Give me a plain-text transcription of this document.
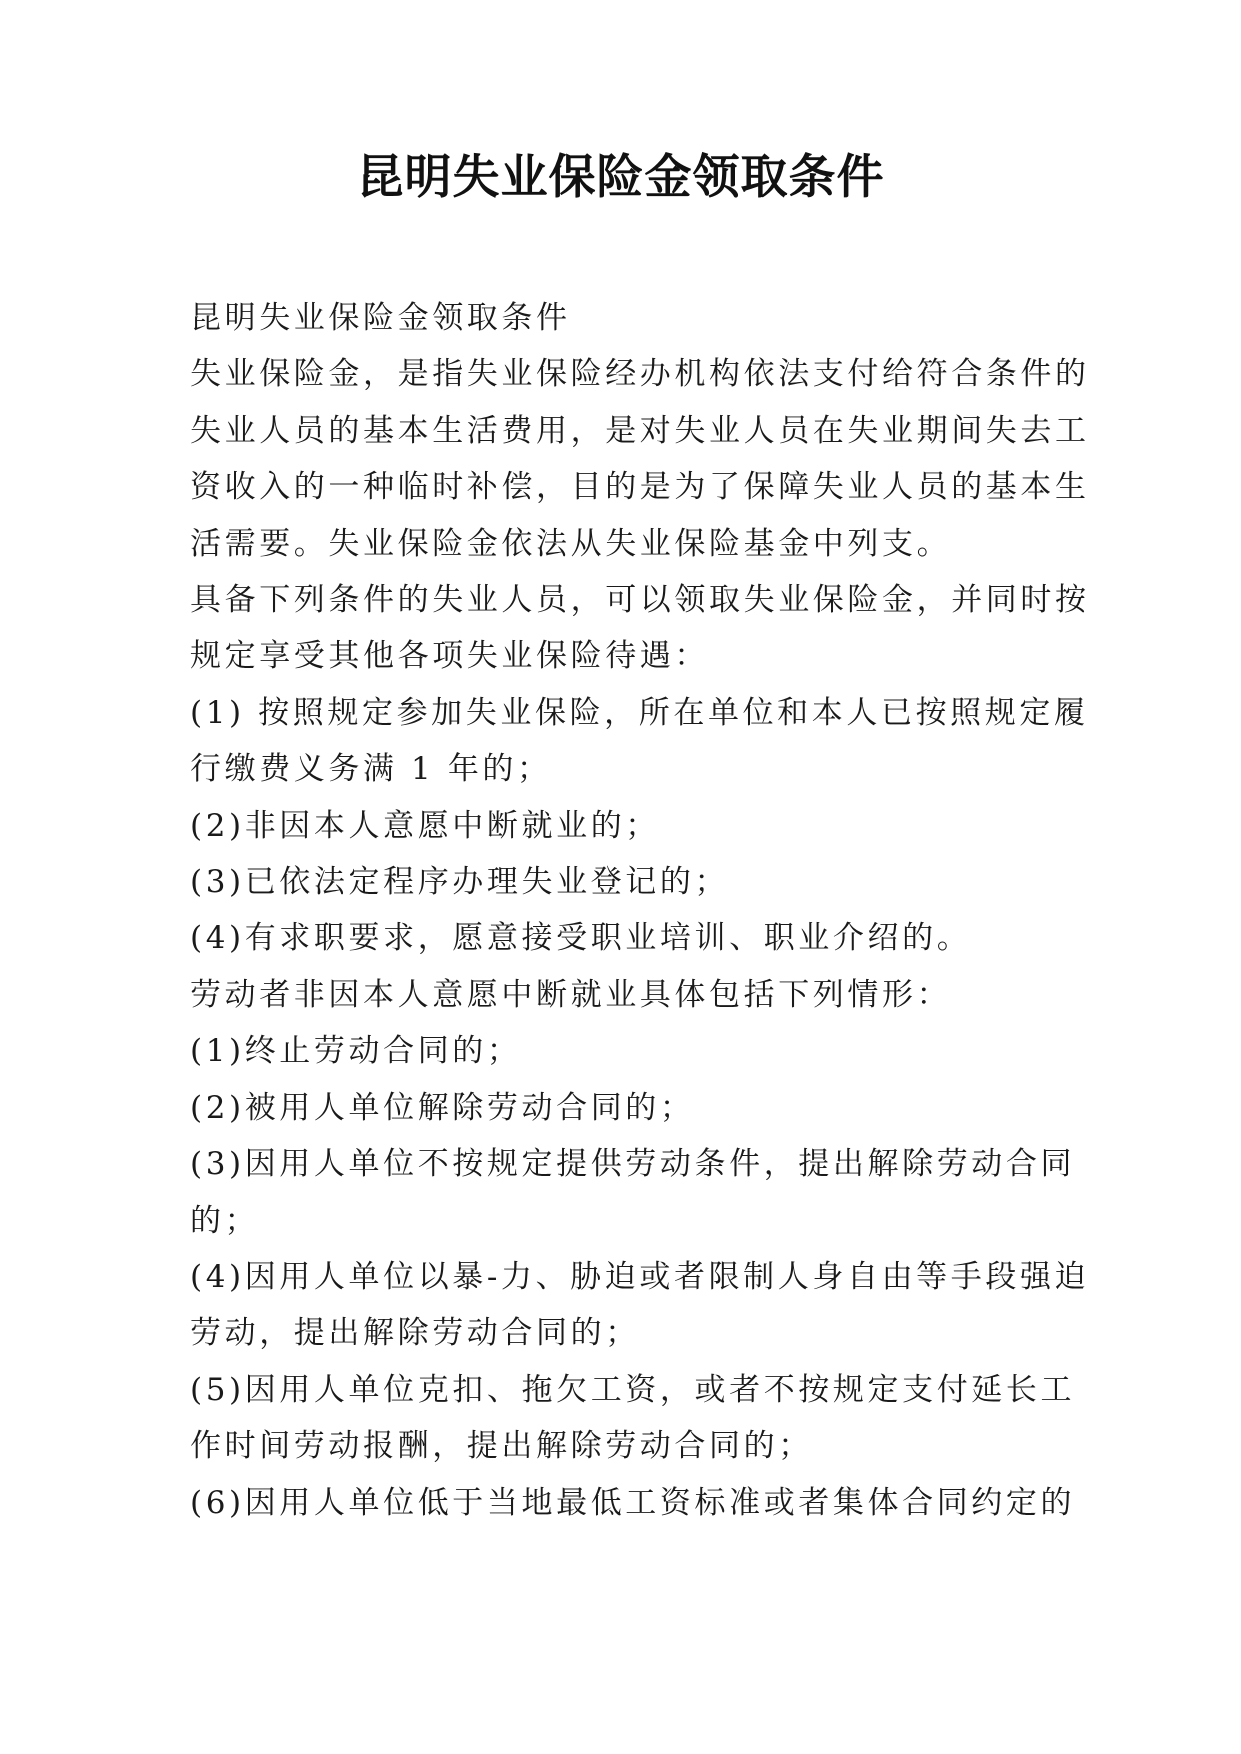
昆明失业保险金领取条件

昆明失业保险金领取条件

失业保险金，是指失业保险经办机构依法支付给符合条件的

失业人员的基本生活费用，是对失业人员在失业期间失去工

资收入的一种临时补偿，目的是为了保障失业人员的基本生

活需要。失业保险金依法从失业保险基金中列支。

具备下列条件的失业人员，可以领取失业保险金，并同时按

规定享受其他各项失业保险待遇：

(1) 按照规定参加失业保险，所在单位和本人已按照规定履

行缴费义务满 1 年的；

(2)非因本人意愿中断就业的；

(3)已依法定程序办理失业登记的；

(4)有求职要求，愿意接受职业培训、职业介绍的。

劳动者非因本人意愿中断就业具体包括下列情形：

(1)终止劳动合同的；

(2)被用人单位解除劳动合同的；

(3)因用人单位不按规定提供劳动条件，提出解除劳动合同

的；

(4)因用人单位以暴-力、胁迫或者限制人身自由等手段强迫

劳动，提出解除劳动合同的；

(5)因用人单位克扣、拖欠工资，或者不按规定支付延长工

作时间劳动报酬，提出解除劳动合同的；

(6)因用人单位低于当地最低工资标准或者集体合同约定的
